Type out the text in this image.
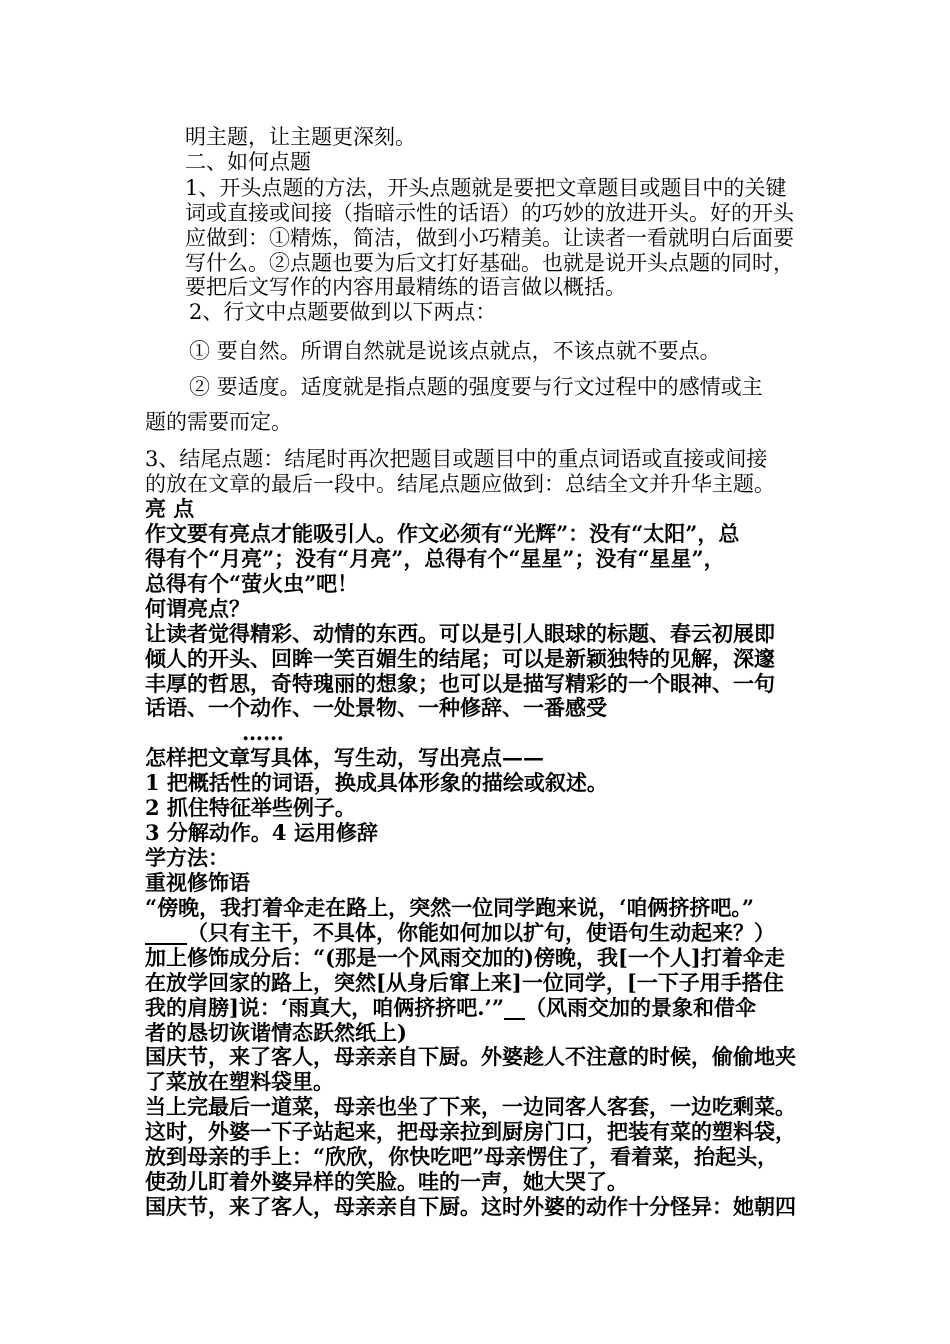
明主题，让主题更深刻。
二、如何点题
1、开头点题的方法，开头点题就是要把文章题目或题目中的关键
词或直接或间接（指暗示性的话语）的巧妙的放进开头。好的开头
应做到：①精炼，简洁，做到小巧精美。让读者一看就明白后面要
写什么。②点题也要为后文打好基础。也就是说开头点题的同时，
要把后文写作的内容用最精练的语言做以概括。
2、行文中点题要做到以下两点：
① 要自然。所谓自然就是说该点就点，不该点就不要点。
② 要适度。适度就是指点题的强度要与行文过程中的感情或主
题的需要而定。
3、结尾点题：结尾时再次把题目或题目中的重点词语或直接或间接
的放在文章的最后一段中。结尾点题应做到：总结全文并升华主题。
亮 点
作文要有亮点才能吸引人。作文必须有“光辉”：没有“太阳”，总
得有个“月亮”；没有“月亮”，总得有个“星星”；没有“星星”，
总得有个“萤火虫”吧！
何谓亮点？
让读者觉得精彩、动情的东西。可以是引人眼球的标题、春云初展即
倾人的开头、回眸一笑百媚生的结尾；可以是新颖独特的见解，深邃
丰厚的哲思，奇特瑰丽的想象；也可以是描写精彩的一个眼神、一句
话语、一个动作、一处景物、一种修辞、一番感受
……
怎样把文章写具体，写生动，写出亮点——
1 把概括性的词语，换成具体形象的描绘或叙述。
2 抓住特征举些例子。
3 分解动作。4 运用修辞
学方法：
重视修饰语
“傍晚，我打着伞走在路上，突然一位同学跑来说，‘咱俩挤挤吧。”
____（只有主干，不具体，你能如何加以扩句，使语句生动起来？）
加上修饰成分后：“(那是一个风雨交加的)傍晚，我[一个人]打着伞走
在放学回家的路上，突然[从身后窜上来]一位同学，[一下子用手搭住
我的肩膀]说：‘雨真大，咱俩挤挤吧.’”__（风雨交加的景象和借伞
者的恳切诙谐情态跃然纸上)
国庆节，来了客人，母亲亲自下厨。外婆趁人不注意的时候，偷偷地夹
了菜放在塑料袋里。
当上完最后一道菜，母亲也坐了下来，一边同客人客套，一边吃剩菜。
这时，外婆一下子站起来，把母亲拉到厨房门口，把装有菜的塑料袋，
放到母亲的手上：“欣欣，你快吃吧”母亲愣住了，看着菜，抬起头，
使劲儿盯着外婆异样的笑脸。哇的一声，她大哭了。
国庆节，来了客人，母亲亲自下厨。这时外婆的动作十分怪异：她朝四
